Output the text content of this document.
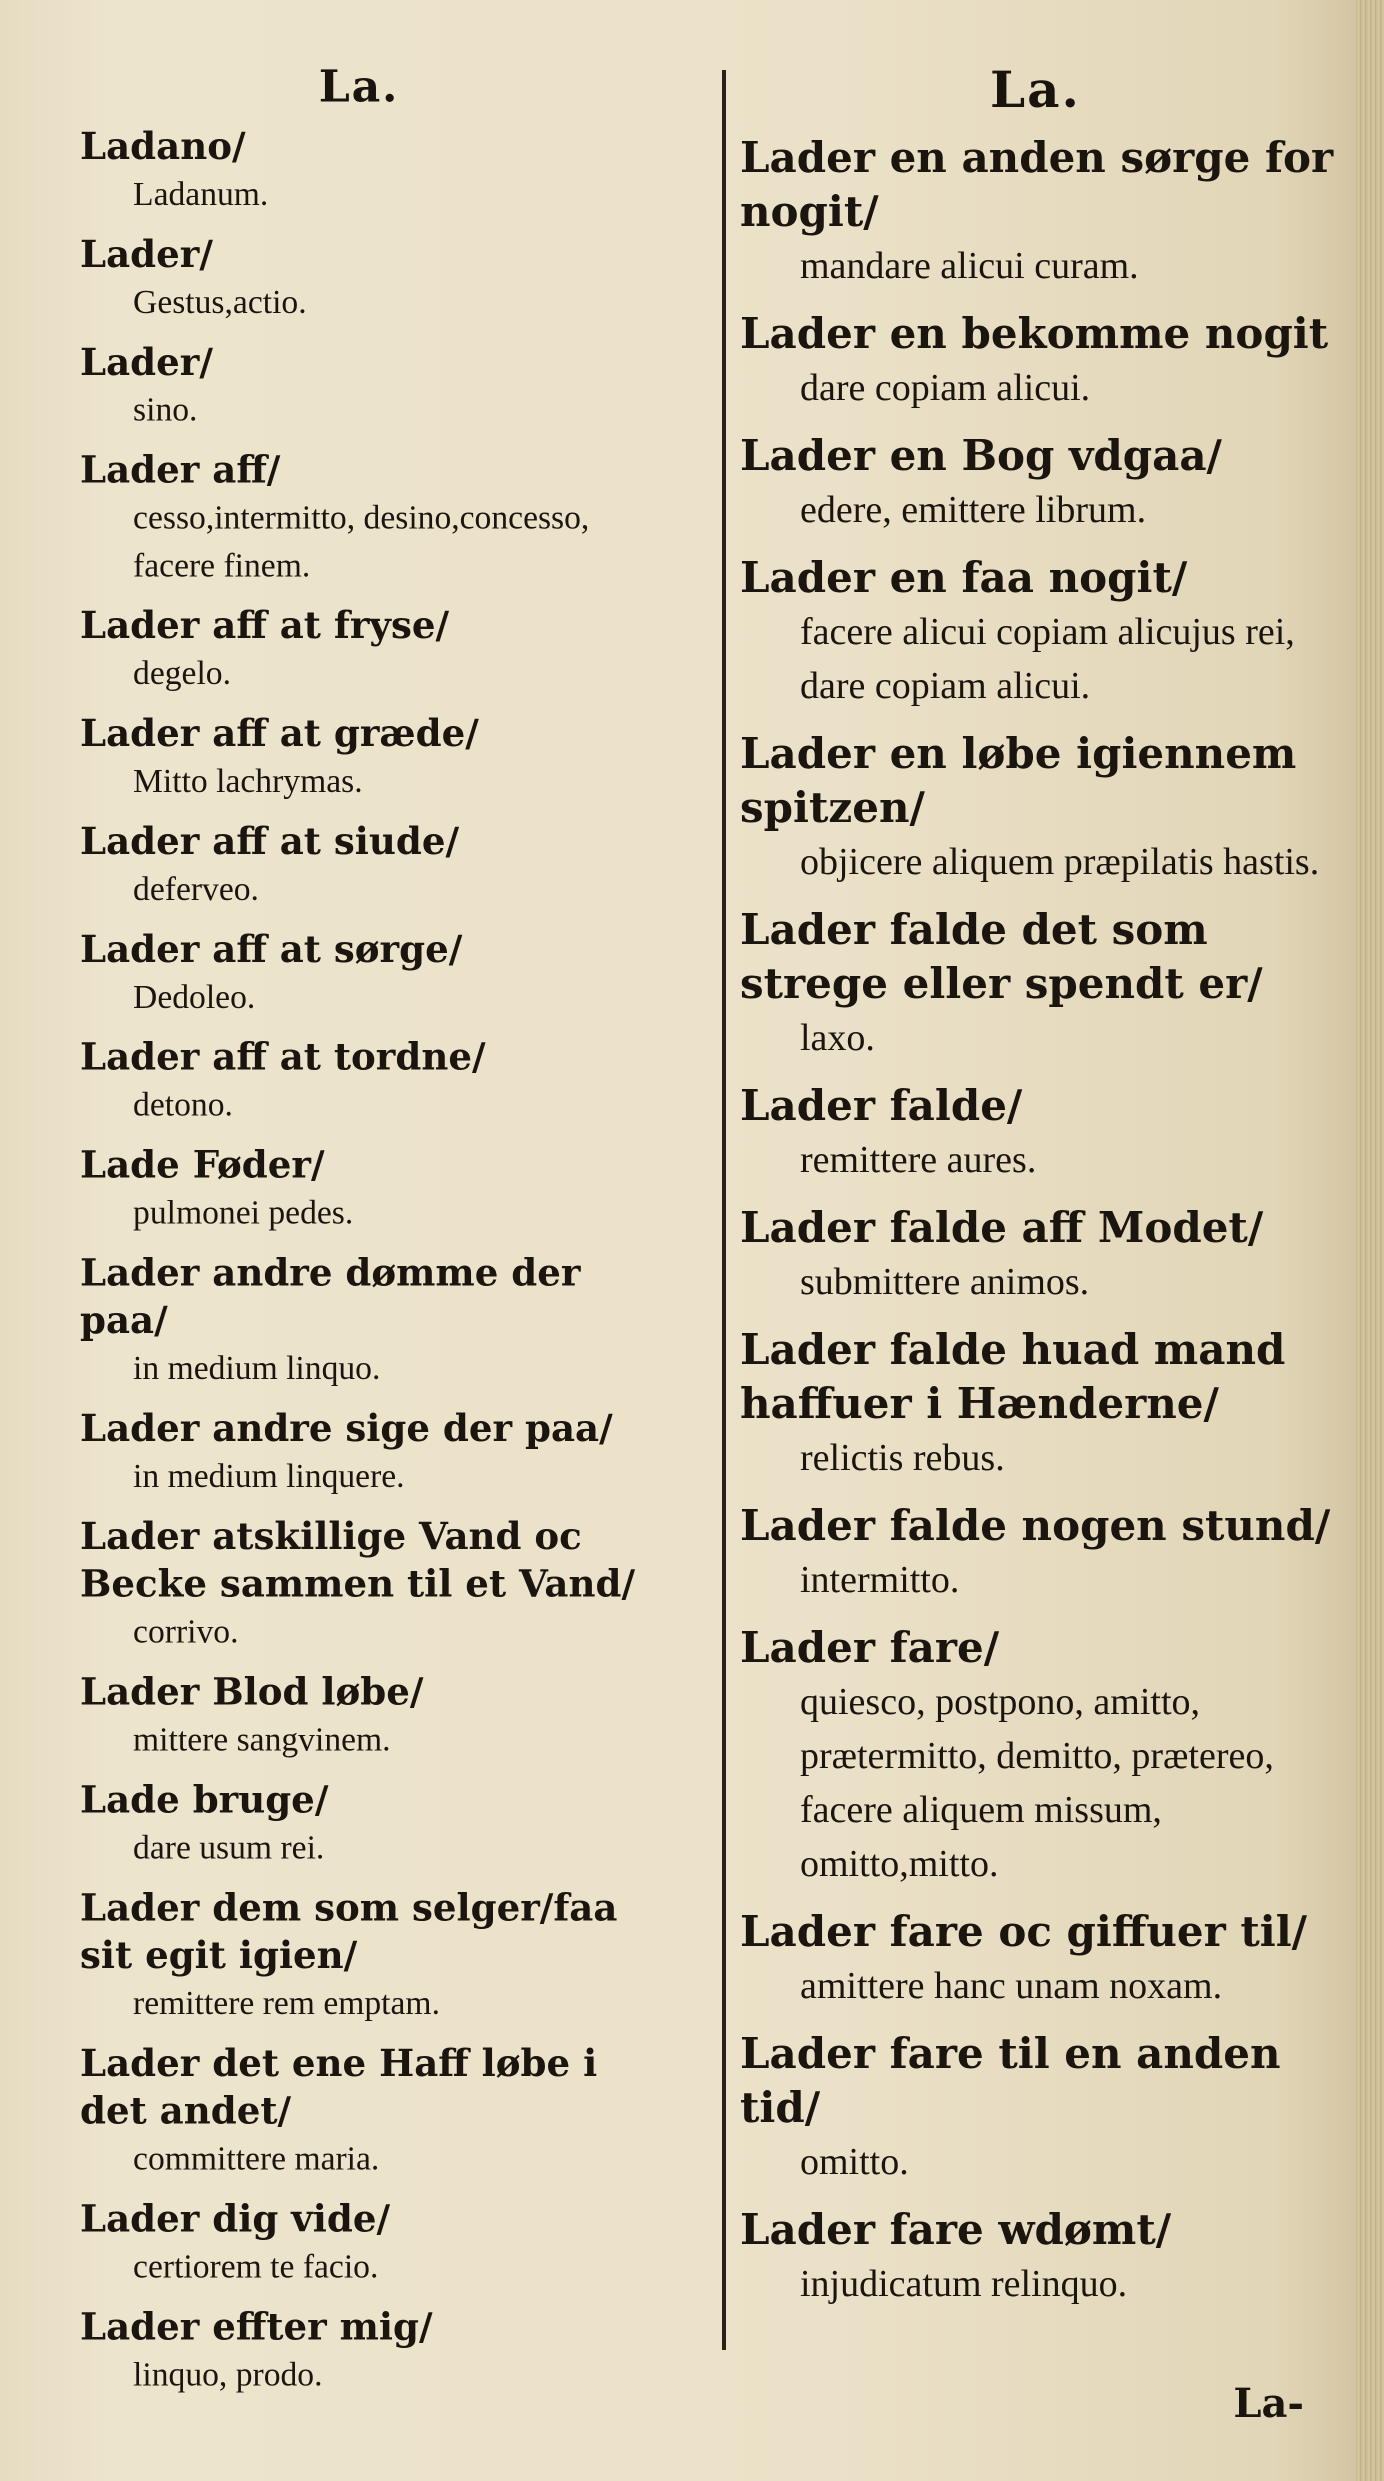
La.
Ladano/
Ladanum.
Lader/
Gestus,actio.
Lader/
sino.
Lader aff/
cesso,intermitto, desino,concesso, facere finem.
Lader aff at fryse/
degelo.
Lader aff at græde/
Mitto lachrymas.
Lader aff at siude/
deferveo.
Lader aff at sørge/
Dedoleo.
Lader aff at tordne/
detono.
Lade Føder/
pulmonei pedes.
Lader andre dømme der paa/
in medium linquo.
Lader andre sige der paa/
in medium linquere.
Lader atskillige Vand oc Becke sammen til et Vand/
corrivo.
Lader Blod løbe/
mittere sangvinem.
Lade bruge/
dare usum rei.
Lader dem som selger/faa sit egit igien/
remittere rem emptam.
Lader det ene Haff løbe i det andet/
committere maria.
Lader dig vide/
certiorem te facio.
Lader effter mig/
linquo, prodo.
La.
Lader en anden sørge for nogit/
mandare alicui curam.
Lader en bekomme nogit
dare copiam alicui.
Lader en Bog vdgaa/
edere, emittere librum.
Lader en faa nogit/
facere alicui copiam alicujus rei, dare copiam alicui.
Lader en løbe igiennem spitzen/
objicere aliquem præpilatis hastis.
Lader falde det som strege eller spendt er/
laxo.
Lader falde/
remittere aures.
Lader falde aff Modet/
submittere animos.
Lader falde huad mand haffuer i Hænderne/
relictis rebus.
Lader falde nogen stund/
intermitto.
Lader fare/
quiesco, postpono, amitto, prætermitto, demitto, prætereo, facere aliquem missum, omitto,mitto.
Lader fare oc giffuer til/
amittere hanc unam noxam.
Lader fare til en anden tid/
omitto.
Lader fare wdømt/
injudicatum relinquo.
La-
